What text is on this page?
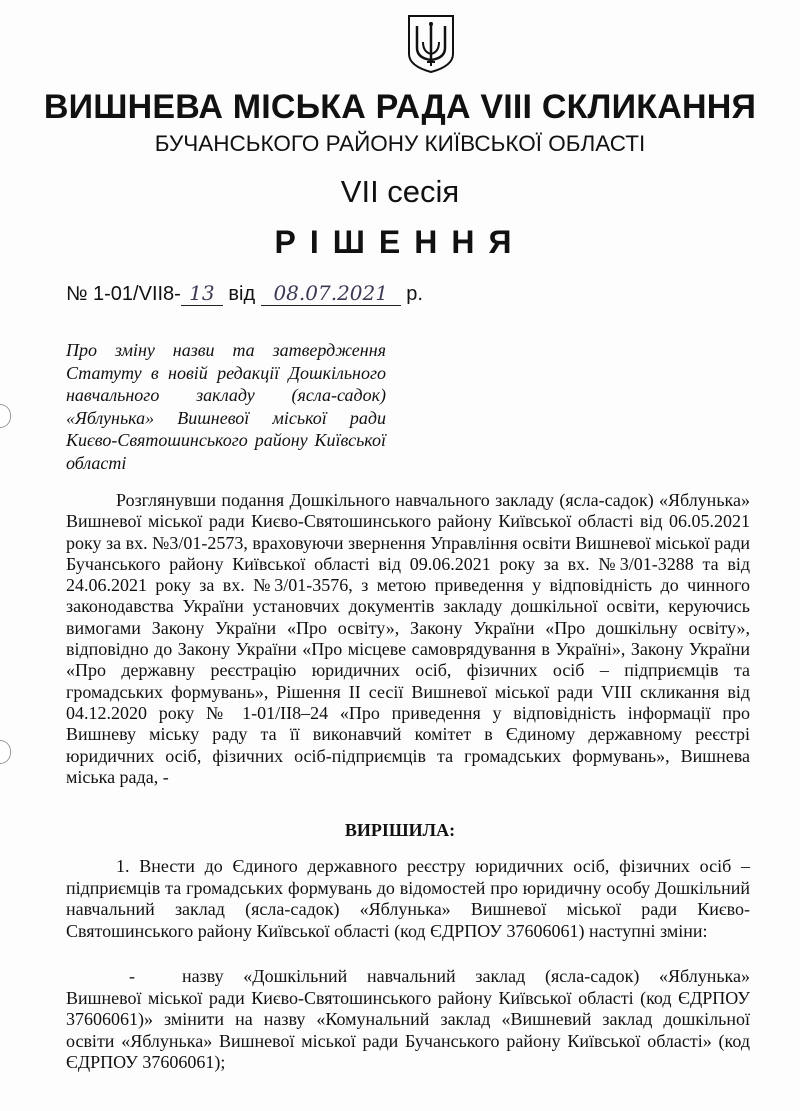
ВИШНЕВА МІСЬКА РАДА VIII СКЛИКАННЯ
БУЧАНСЬКОГО РАЙОНУ КИЇВСЬКОЇ ОБЛАСТІ
VII сесія
РІШЕННЯ
№ 1-01/VII8- 13 від 08.07.2021 р.
Про зміну назви та затвердження Статуту в новій редакції Дошкільного навчального закладу (ясла-садок) «Яблунька» Вишневої міської ради Києво-Святошинського району Київської області
Розглянувши подання Дошкільного навчального закладу (ясла-садок) «Яблунька» Вишневої міської ради Києво-Святошинського району Київської області від 06.05.2021 року за вх. №3/01-2573, враховуючи звернення Управління освіти Вишневої міської ради Бучанського району Київської області від 09.06.2021 року за вх. №3/01-3288 та від 24.06.2021 року за вх. №3/01-3576, з метою приведення у відповідність до чинного законодавства України установчих документів закладу дошкільної освіти, керуючись вимогами Закону України «Про освіту», Закону України «Про дошкільну освіту», відповідно до Закону України «Про місцеве самоврядування в Україні», Закону України «Про державну реєстрацію юридичних осіб, фізичних осіб – підприємців та громадських формувань», Рішення ІІ сесії Вишневої міської ради VIII скликання від 04.12.2020 року № 1-01/II8–24 «Про приведення у відповідність інформації про Вишневу міську раду та її виконавчий комітет в Єдиному державному реєстрі юридичних осіб, фізичних осіб-підприємців та громадських формувань», Вишнева міська рада, -
ВИРІШИЛА:
1. Внести до Єдиного державного реєстру юридичних осіб, фізичних осіб – підприємців та громадських формувань до відомостей про юридичну особу Дошкільний навчальний заклад (ясла-садок) «Яблунька» Вишневої міської ради Києво-Святошинського району Київської області (код ЄДРПОУ 37606061) наступні зміни:
-	назву «Дошкільний навчальний заклад (ясла-садок) «Яблунька» Вишневої міської ради Києво-Святошинського району Київської області (код ЄДРПОУ 37606061)» змінити на назву «Комунальний заклад «Вишневий заклад дошкільної освіти «Яблунька» Вишневої міської ради Бучанського району Київської області» (код ЄДРПОУ 37606061);
